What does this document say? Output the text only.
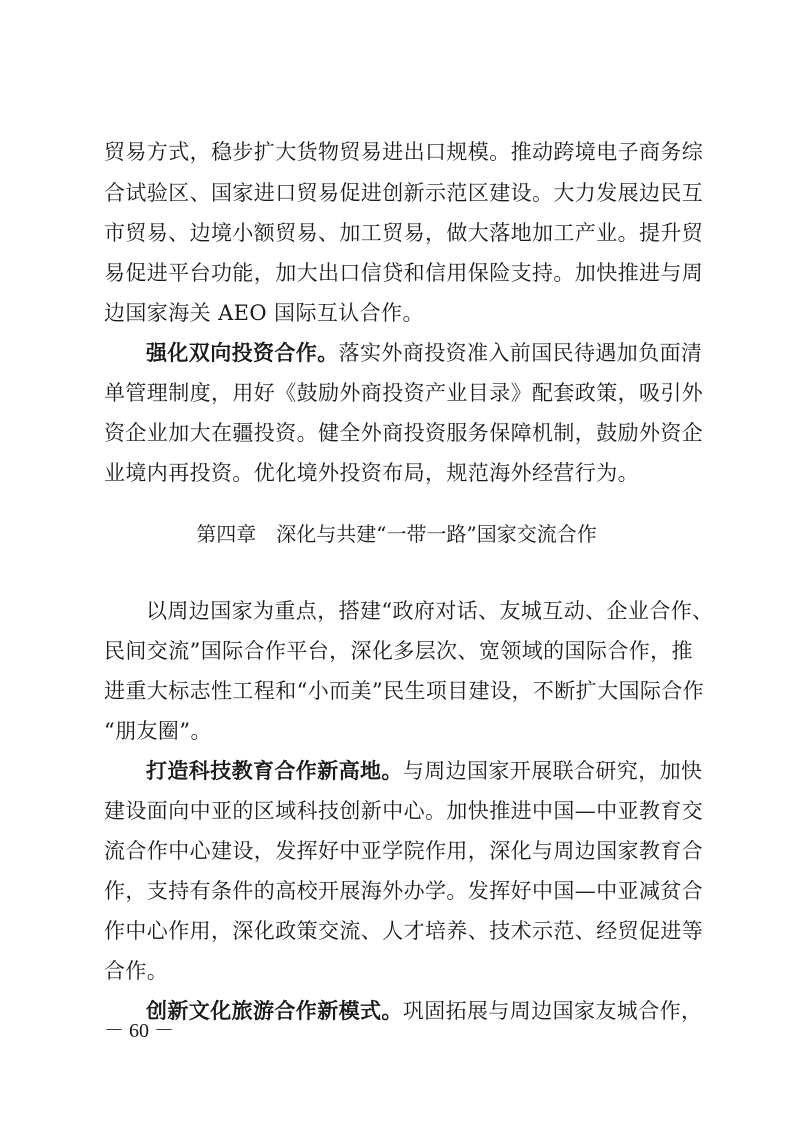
贸易方式，稳步扩大货物贸易进出口规模。推动跨境电子商务综
合试验区、国家进口贸易促进创新示范区建设。大力发展边民互
市贸易、边境小额贸易、加工贸易，做大落地加工产业。提升贸
易促进平台功能，加大出口信贷和信用保险支持。加快推进与周
边国家海关 AEO 国际互认合作。
强化双向投资合作。落实外商投资准入前国民待遇加负面清
单管理制度，用好《鼓励外商投资产业目录》配套政策，吸引外
资企业加大在疆投资。健全外商投资服务保障机制，鼓励外资企
业境内再投资。优化境外投资布局，规范海外经营行为。
第四章　深化与共建“一带一路”国家交流合作
以周边国家为重点，搭建“政府对话、友城互动、企业合作、
民间交流”国际合作平台，深化多层次、宽领域的国际合作，推
进重大标志性工程和“小而美”民生项目建设，不断扩大国际合作
“朋友圈”。
打造科技教育合作新高地。与周边国家开展联合研究，加快
建设面向中亚的区域科技创新中心。加快推进中国—中亚教育交
流合作中心建设，发挥好中亚学院作用，深化与周边国家教育合
作，支持有条件的高校开展海外办学。发挥好中国—中亚减贫合
作中心作用，深化政策交流、人才培养、技术示范、经贸促进等
合作。
创新文化旅游合作新模式。巩固拓展与周边国家友城合作，
－ 60 －
